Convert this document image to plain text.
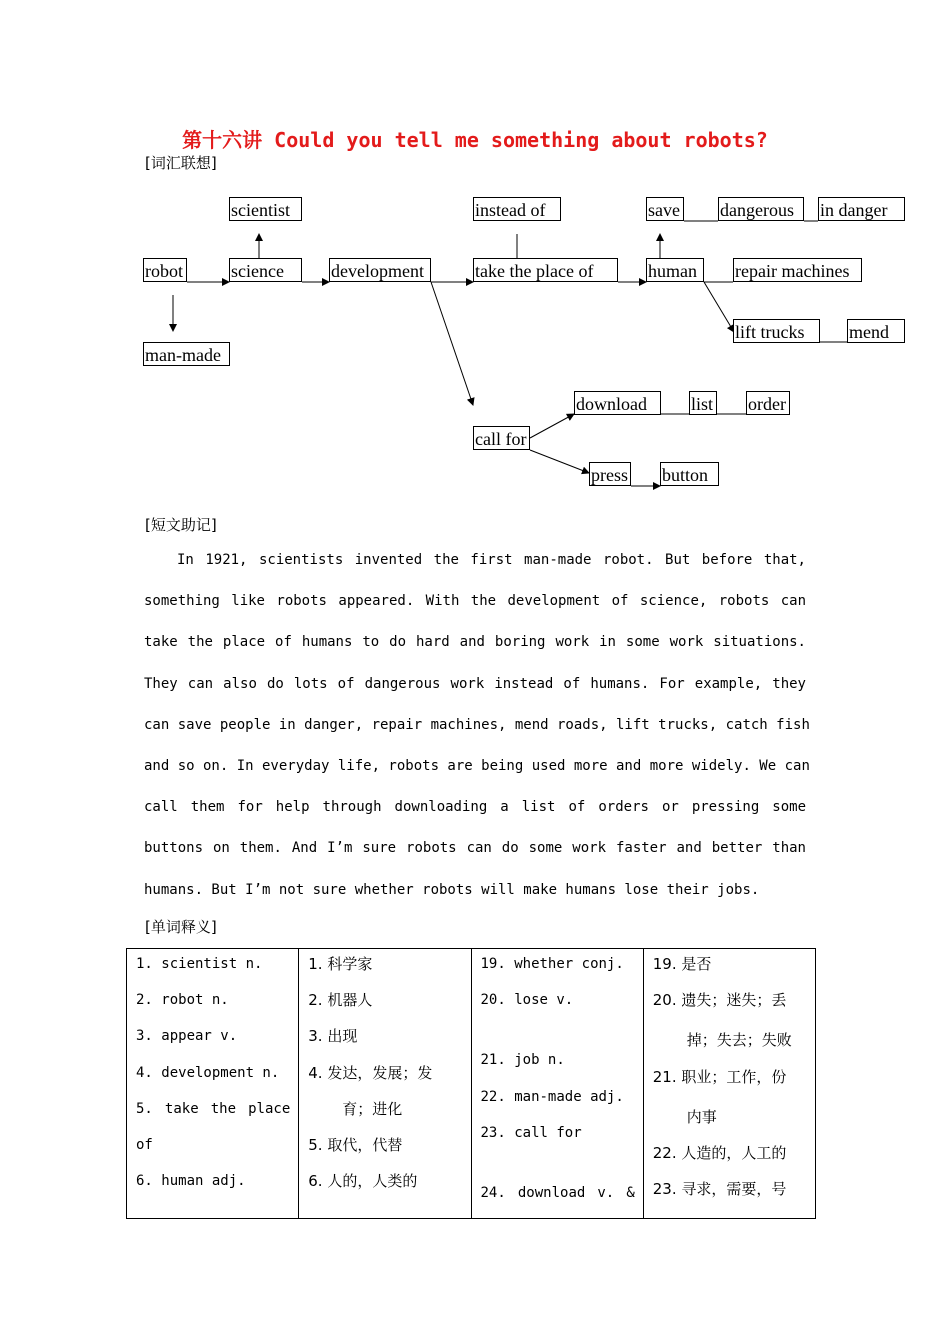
第十六讲 Could you tell me something about robots?
[词汇联想]
scientist	instead of	save dangerous	in danger
robot	science	development	take the place of	human	repair machines
lift trucks	mend
man-made
download	list order
call for
press button
[短文助记]
In 1921, scientists invented the first man-made robot. But before that,
something like robots appeared. With the development of science, robots can
take the place of humans to do hard and boring work in some work situations.
They can also do lots of dangerous work instead of humans. For example, they
can save people in danger, repair machines, mend roads, lift trucks, catch fish
and so on. In everyday life, robots are being used more and more widely. We can
call them for help through downloading a list of orders or pressing some
buttons on them. And I’m sure robots can do some work faster and better than
humans. But I’m not sure whether robots will make humans lose their jobs.
[单词释义]
1. scientist n.
2. robot n.
3. appear v.
4. development n.
5. take the place
of
6. human adj.

1. 科学家
2. 机器人
3. 出现
4. 发达，发展；发
育；进化
5. 取代，代替
6. 人的，人类的

19. whether conj.
20. lose v.
21. job n.
22. man-made adj.
23. call for
24. download v. &

19. 是否
20. 遗失；迷失；丢
掉；失去；失败
21. 职业；工作，份
内事
22. 人造的，人工的
23. 寻求，需要，号
